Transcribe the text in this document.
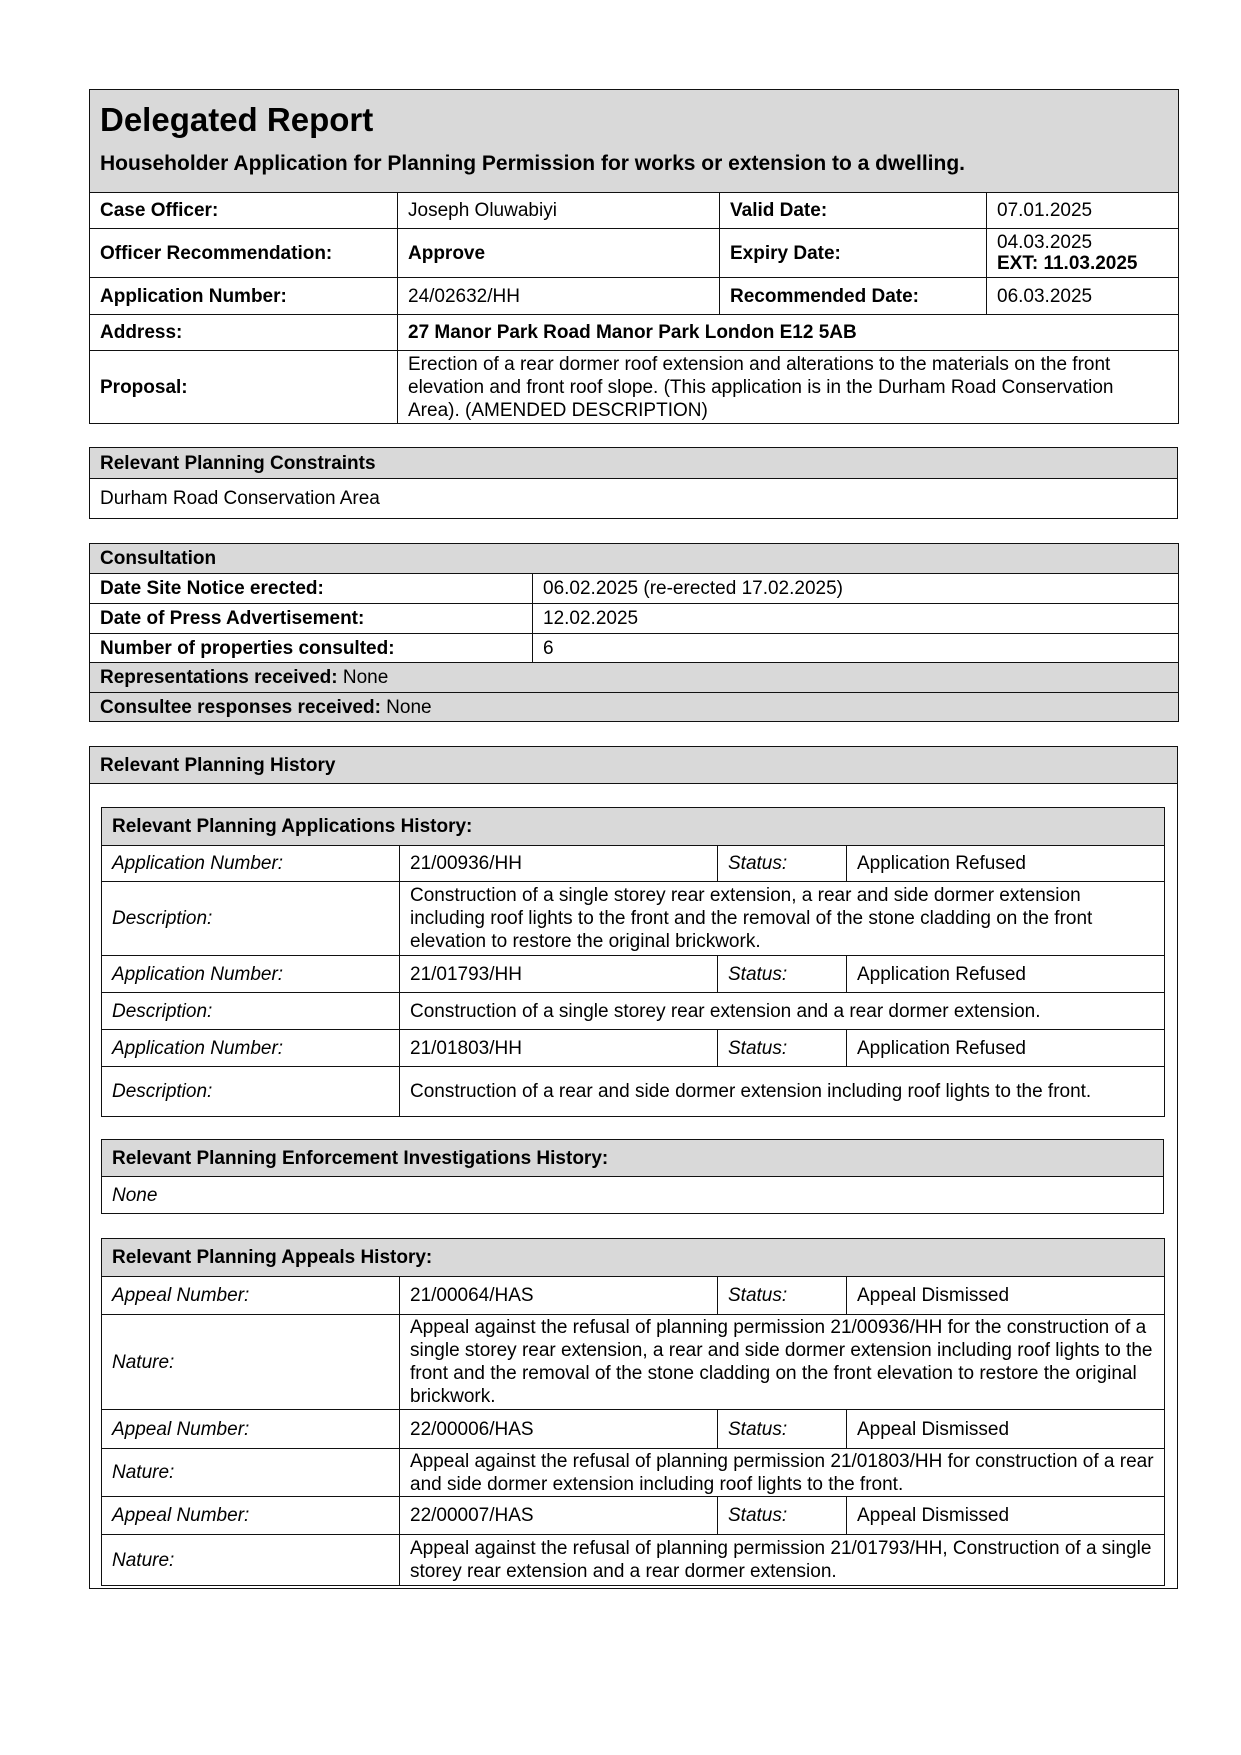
Delegated Report
Householder Application for Planning Permission for works or extension to a dwelling.			

Case Officer:	Joseph Oluwabiyi	Valid Date:	07.01.2025
Officer Recommendation:	Approve	Expiry Date:	04.03.2025
EXT: 11.03.2025

Application Number:	24/02632/HH	Recommended Date:	06.03.2025
Address:	27 Manor Park Road Manor Park London E12 5AB		
Proposal:	Erection of a rear dormer roof extension and alterations to the materials on the front elevation and front roof slope. (This application is in the Durham Road Conservation Area). (AMENDED DESCRIPTION)		
Relevant Planning Constraints
Durham Road Conservation Area
Consultation	
Date Site Notice erected:	06.02.2025 (re-erected 17.02.2025)
Date of Press Advertisement:	12.02.2025
Number of properties consulted:	6
Representations received: None	
Consultee responses received: None	
Relevant Planning History
Relevant Planning Applications History:			
Application Number:	21/00936/HH	Status:	Application Refused
Description:	Construction of a single storey rear extension, a rear and side dormer extension including roof lights to the front and the removal of the stone cladding on the front elevation to restore the original brickwork.		
Application Number:	21/01793/HH	Status:	Application Refused
Description:	Construction of a single storey rear extension and a rear dormer extension.		
Application Number:	21/01803/HH	Status:	Application Refused
Description:	Construction of a rear and side dormer extension including roof lights to the front.		
Relevant Planning Enforcement Investigations History:
None
Relevant Planning Appeals History:			
Appeal Number:	21/00064/HAS	Status:	Appeal Dismissed
Nature:	Appeal against the refusal of planning permission 21/00936/HH for the construction of a single storey rear extension, a rear and side dormer extension including roof lights to the front and the removal of the stone cladding on the front elevation to restore the original brickwork.		
Appeal Number:	22/00006/HAS	Status:	Appeal Dismissed
Nature:	Appeal against the refusal of planning permission 21/01803/HH for construction of a rear and side dormer extension including roof lights to the front.		
Appeal Number:	22/00007/HAS	Status:	Appeal Dismissed
Nature:	Appeal against the refusal of planning permission 21/01793/HH, Construction of a single storey rear extension and a rear dormer extension.		
